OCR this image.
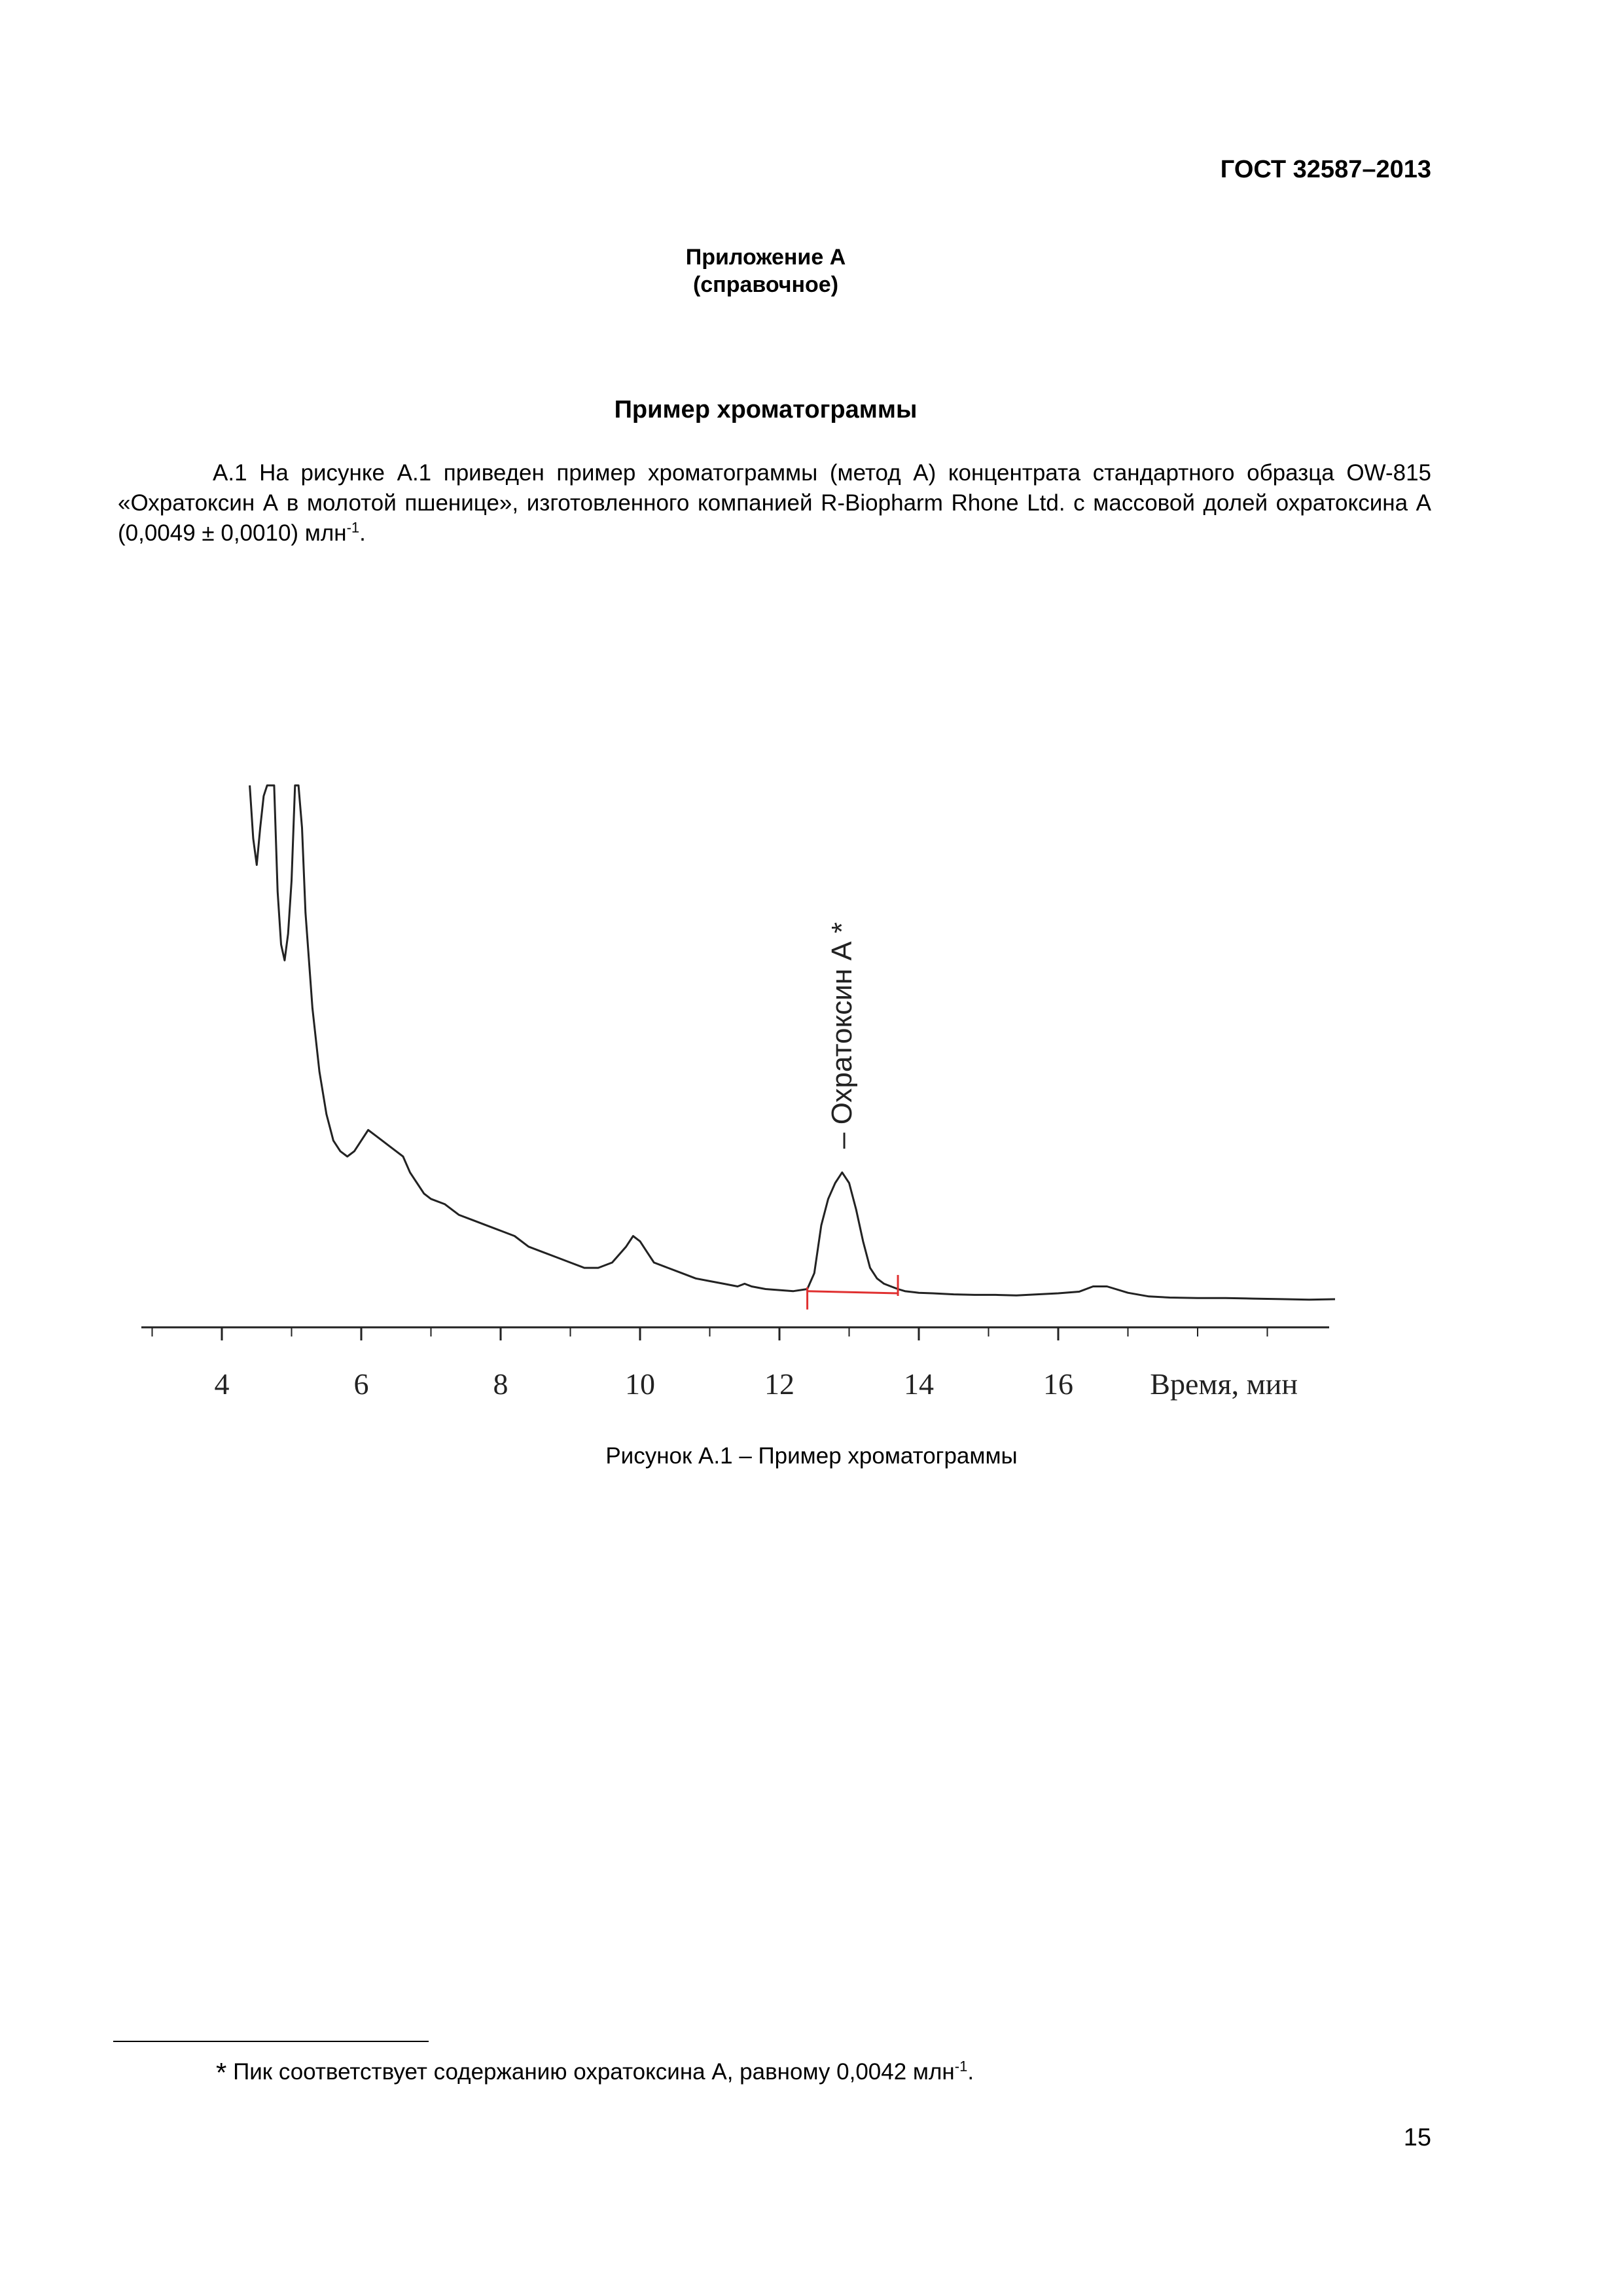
ГОСТ 32587–2013
Приложение А
(справочное)
Пример хроматограммы

А.1 На рисунке А.1 приведен пример хроматограммы (метод А) концентрата стандартного образца OW-815 «Охратоксин А в молотой пшенице», изготовленного компанией R-Biopharm Rhone Ltd. с массовой долей охратоксина А (0,0049 ± 0,0010) млн$^{-1}$.

4	6	8	10	12	14	16	Время, мин
– Охратоксин А *
Рисунок А.1 – Пример хроматограммы

* Пик соответствует содержанию охратоксина А, равному 0,0042 млн$^{-1}$.

15
